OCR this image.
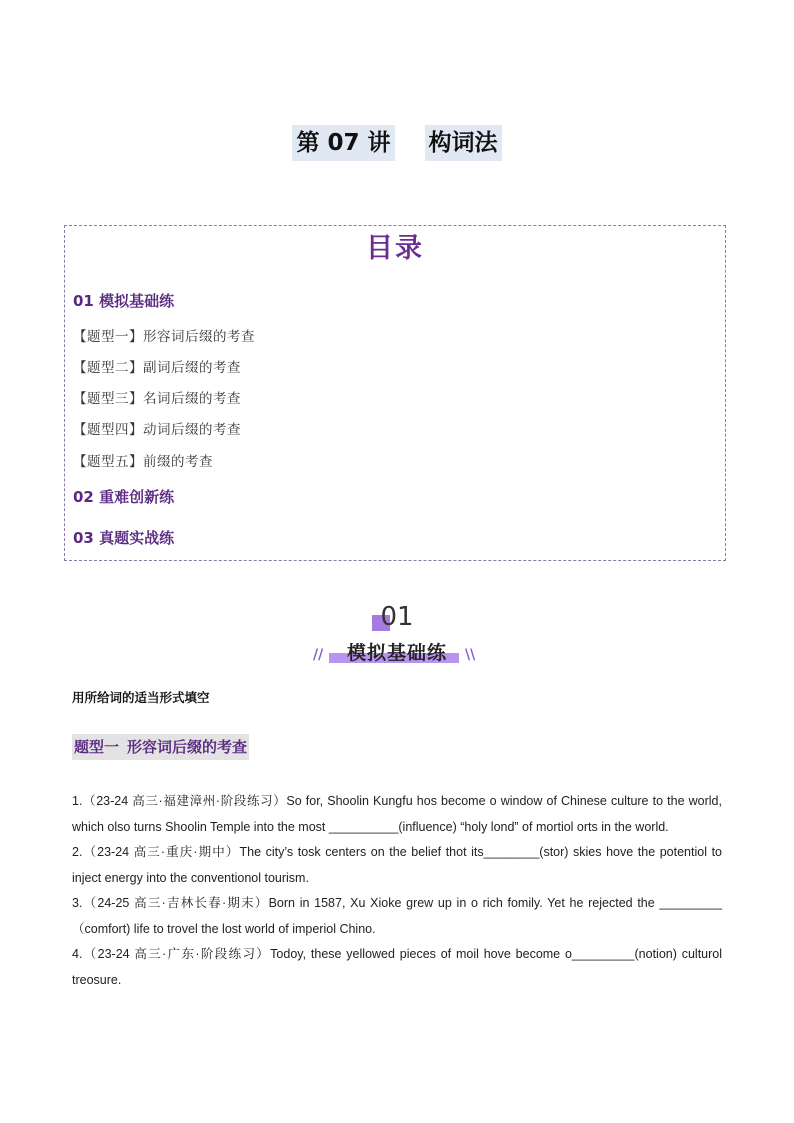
第 07 讲 构词法
目录
01 模拟基础练
【题型一】形容词后缀的考查
【题型二】副词后缀的考查
【题型三】名词后缀的考查
【题型四】动词后缀的考查
【题型五】前缀的考查
02 重难创新练
03 真题实战练
01
//	模拟基础练	\\
用所给词的适当形式填空
题型一 形容词后缀的考查

1.（23-24 高三·福建漳州·阶段练习）So for, Shoolin Kungfu hos become o window of Chinese culture to the world, which olso turns Shoolin Temple into the most __________(influence) “holy lond” of mortiol orts in the world.

2.（23-24 高三·重庆·期中）The city’s tosk centers on the belief thot its________(stor) skies hove the potentiol to inject energy into the conventionol tourism.

3.（24-25 高三·吉林长春·期末）Born in 1587, Xu Xioke grew up in o rich fomily. Yet he rejected the _________（comfort) life to trovel the lost world of imperiol Chino.

4.（23-24 高三·广东·阶段练习）Todoy, these yellowed pieces of moil hove become o_________(notion) culturol treosure.
